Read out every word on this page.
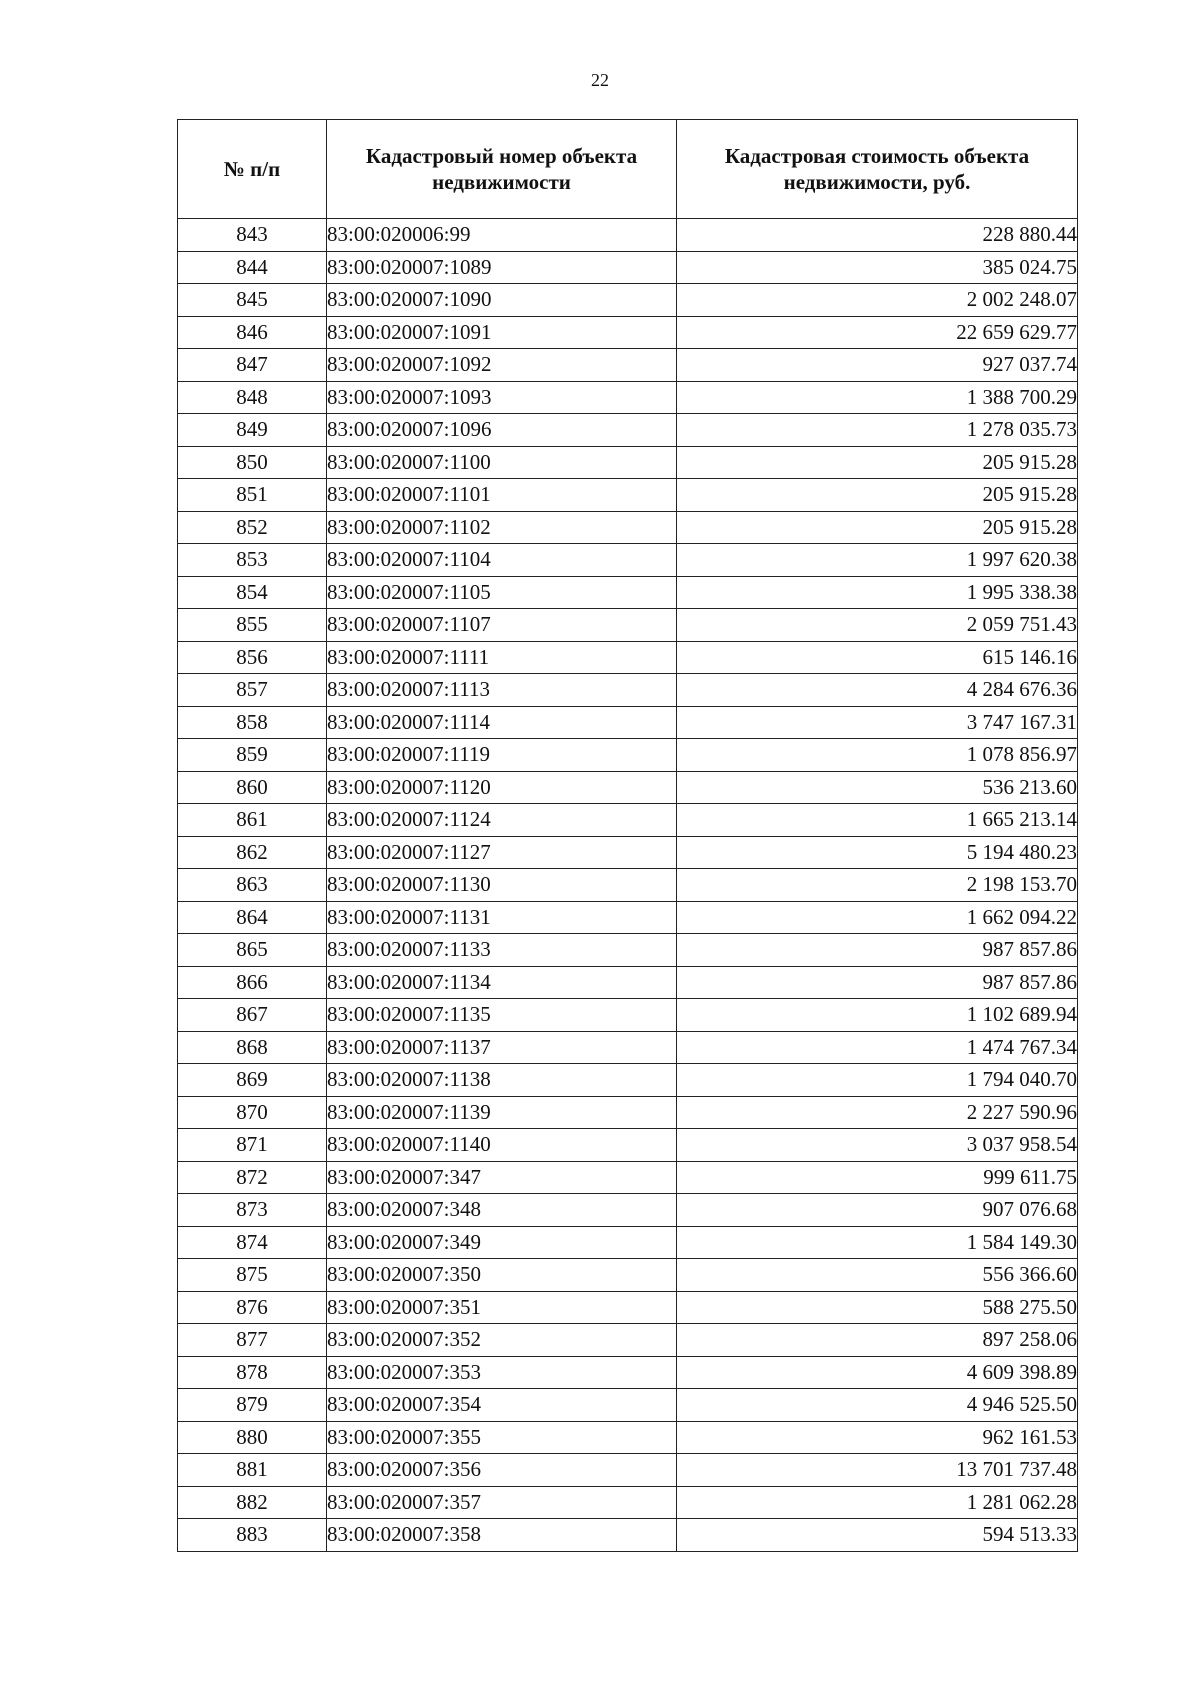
22
№ п/п	Кадастровый номер объекта недвижимости	Кадастровая стоимость объекта недвижимости, руб.
843	83:00:020006:99	228 880.44
844	83:00:020007:1089	385 024.75
845	83:00:020007:1090	2 002 248.07
846	83:00:020007:1091	22 659 629.77
847	83:00:020007:1092	927 037.74
848	83:00:020007:1093	1 388 700.29
849	83:00:020007:1096	1 278 035.73
850	83:00:020007:1100	205 915.28
851	83:00:020007:1101	205 915.28
852	83:00:020007:1102	205 915.28
853	83:00:020007:1104	1 997 620.38
854	83:00:020007:1105	1 995 338.38
855	83:00:020007:1107	2 059 751.43
856	83:00:020007:1111	615 146.16
857	83:00:020007:1113	4 284 676.36
858	83:00:020007:1114	3 747 167.31
859	83:00:020007:1119	1 078 856.97
860	83:00:020007:1120	536 213.60
861	83:00:020007:1124	1 665 213.14
862	83:00:020007:1127	5 194 480.23
863	83:00:020007:1130	2 198 153.70
864	83:00:020007:1131	1 662 094.22
865	83:00:020007:1133	987 857.86
866	83:00:020007:1134	987 857.86
867	83:00:020007:1135	1 102 689.94
868	83:00:020007:1137	1 474 767.34
869	83:00:020007:1138	1 794 040.70
870	83:00:020007:1139	2 227 590.96
871	83:00:020007:1140	3 037 958.54
872	83:00:020007:347	999 611.75
873	83:00:020007:348	907 076.68
874	83:00:020007:349	1 584 149.30
875	83:00:020007:350	556 366.60
876	83:00:020007:351	588 275.50
877	83:00:020007:352	897 258.06
878	83:00:020007:353	4 609 398.89
879	83:00:020007:354	4 946 525.50
880	83:00:020007:355	962 161.53
881	83:00:020007:356	13 701 737.48
882	83:00:020007:357	1 281 062.28
883	83:00:020007:358	594 513.33
